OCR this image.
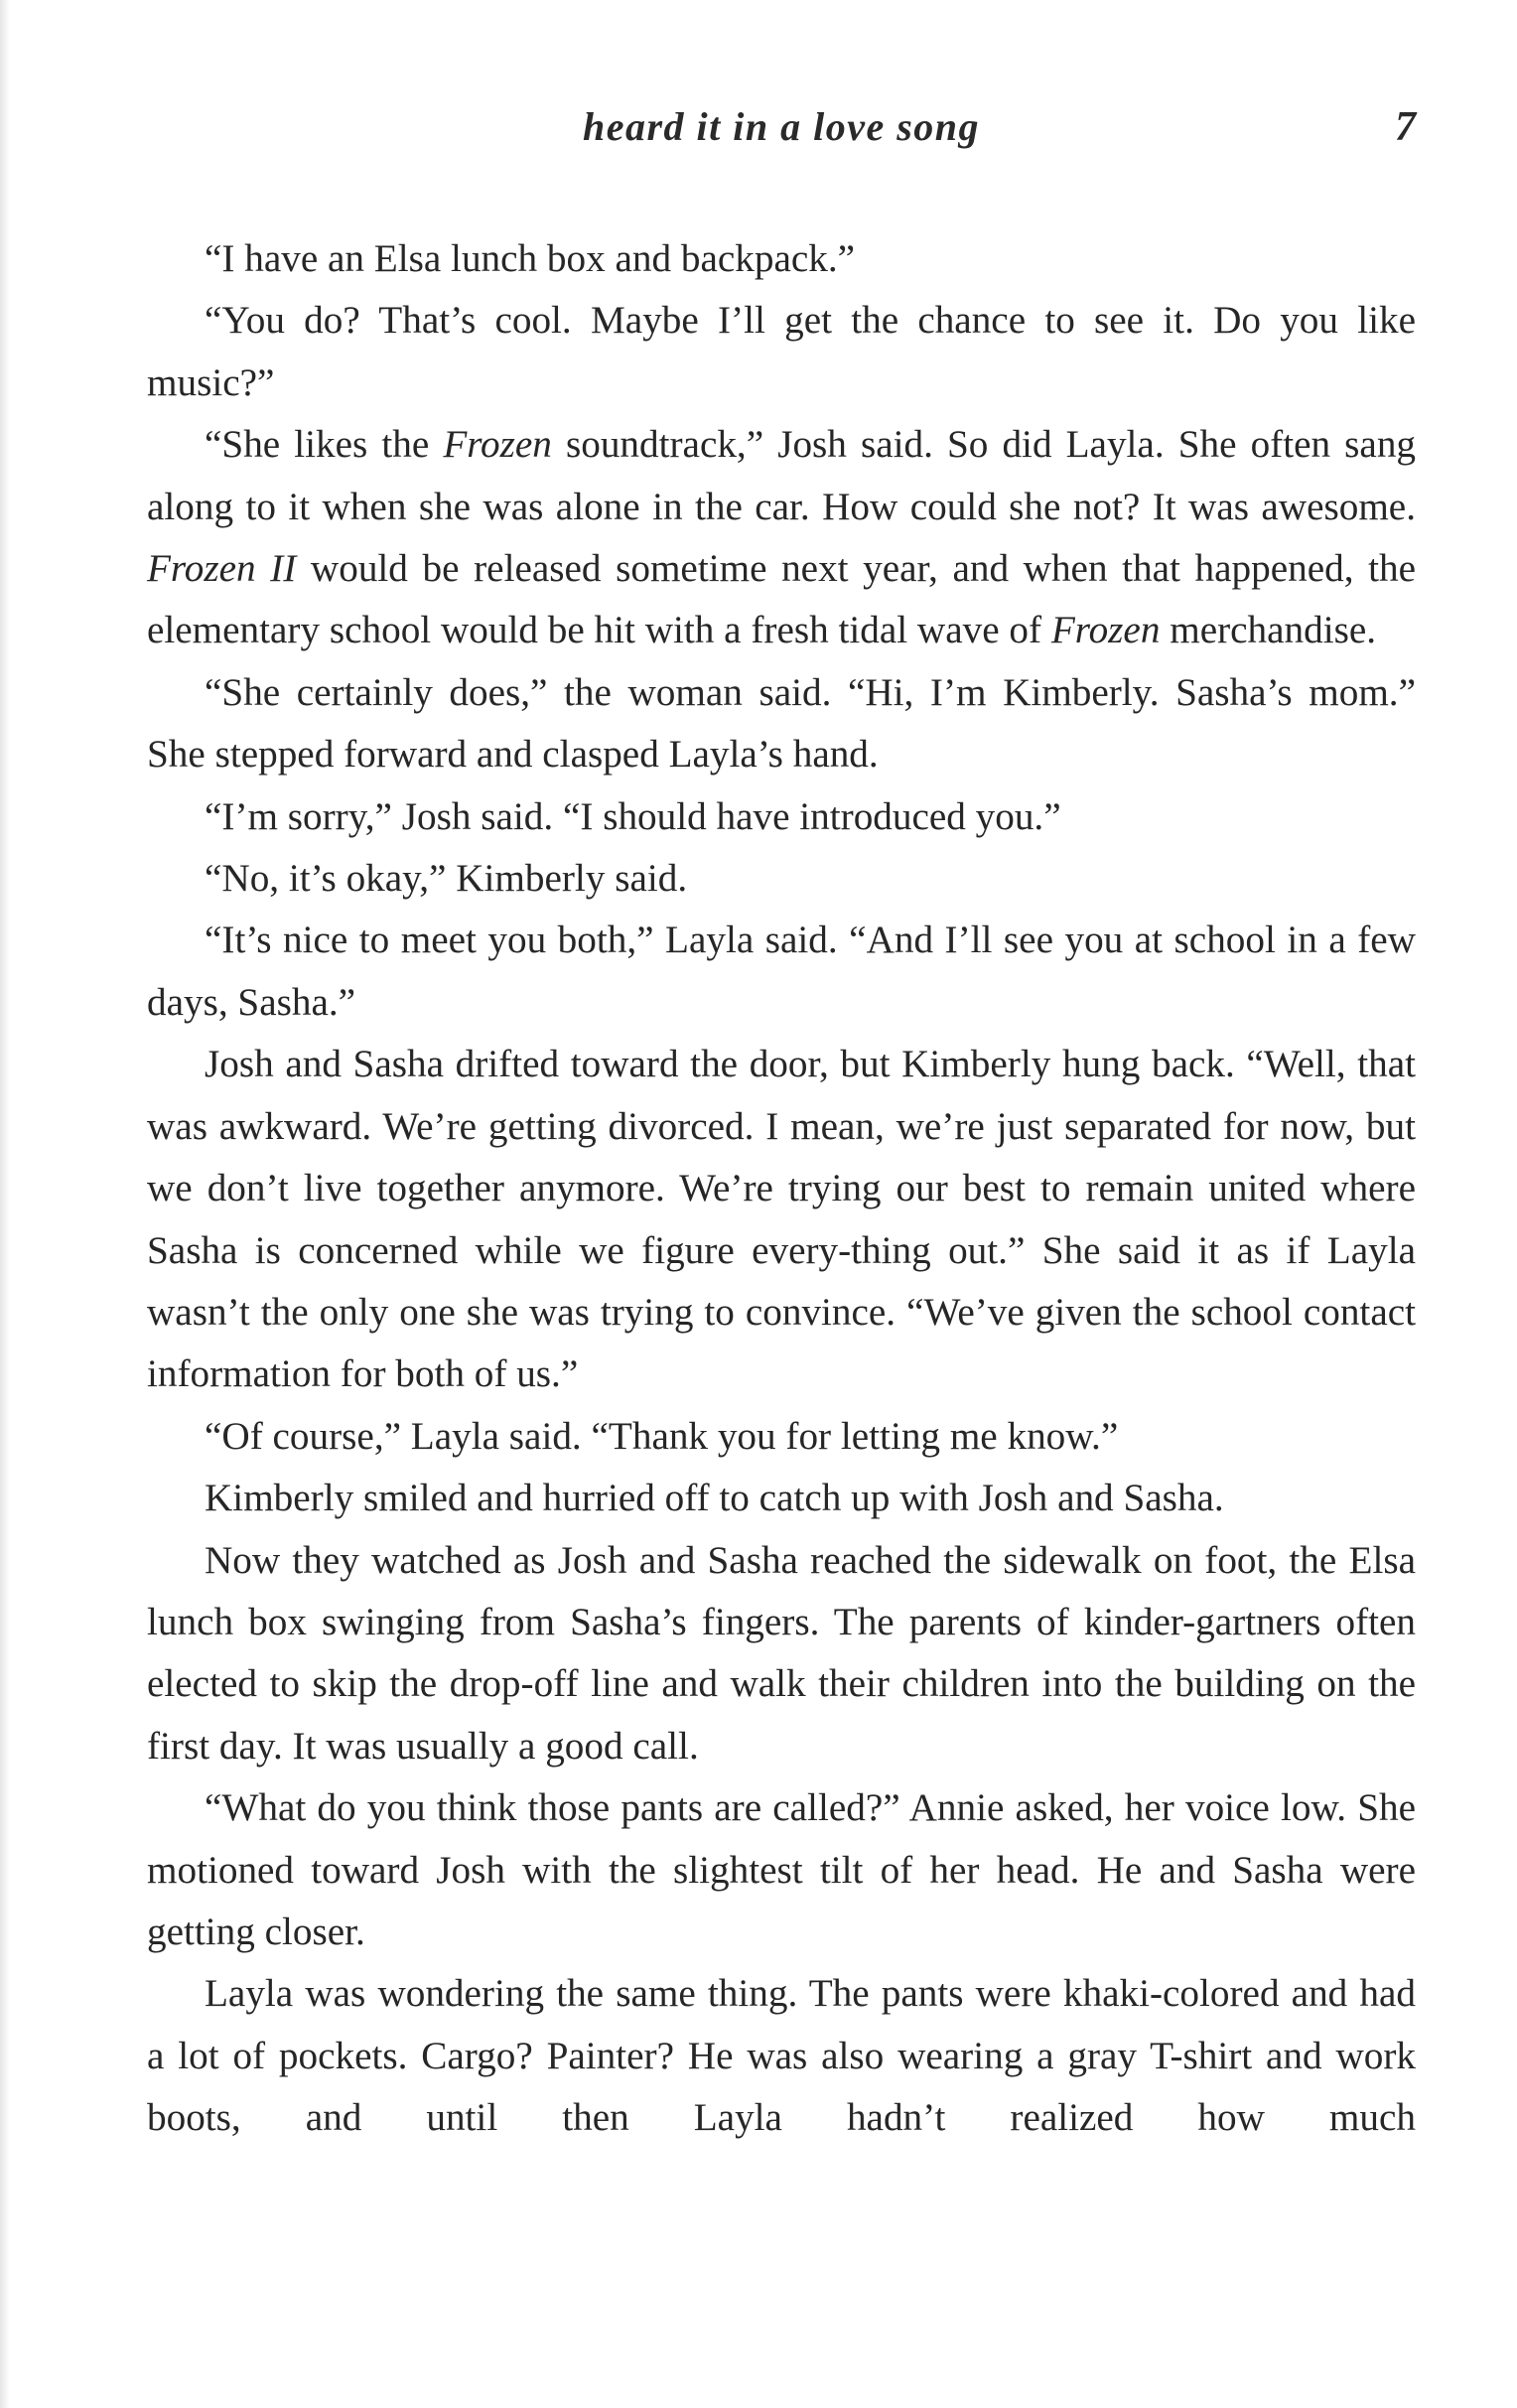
heard it in a love song	7

“I have an Elsa lunch box and backpack.”

“You do? That’s cool. Maybe I’ll get the chance to see it. Do you like music?”

“She likes the Frozen soundtrack,” Josh said. So did Layla. She often sang along to it when she was alone in the car. How could she not? It was awesome. Frozen II would be released sometime next year, and when that happened, the elementary school would be hit with a fresh tidal wave of Frozen merchandise.

“She certainly does,” the woman said. “Hi, I’m Kimberly. Sasha’s mom.” She stepped forward and clasped Layla’s hand.

“I’m sorry,” Josh said. “I should have introduced you.”

“No, it’s okay,” Kimberly said.

“It’s nice to meet you both,” Layla said. “And I’ll see you at school in a few days, Sasha.”

Josh and Sasha drifted toward the door, but Kimberly hung back. “Well, that was awkward. We’re getting divorced. I mean, we’re just separated for now, but we don’t live together anymore. We’re trying our best to remain united where Sasha is concerned while we figure every-thing out.” She said it as if Layla wasn’t the only one she was trying to convince. “We’ve given the school contact information for both of us.”

“Of course,” Layla said. “Thank you for letting me know.”

Kimberly smiled and hurried off to catch up with Josh and Sasha.

Now they watched as Josh and Sasha reached the sidewalk on foot, the Elsa lunch box swinging from Sasha’s fingers. The parents of kinder-gartners often elected to skip the drop-off line and walk their children into the building on the first day. It was usually a good call.

“What do you think those pants are called?” Annie asked, her voice low. She motioned toward Josh with the slightest tilt of her head. He and Sasha were getting closer.

Layla was wondering the same thing. The pants were khaki-colored and had a lot of pockets. Cargo? Painter? He was also wearing a gray T-shirt and work boots, and until then Layla hadn’t realized how much
